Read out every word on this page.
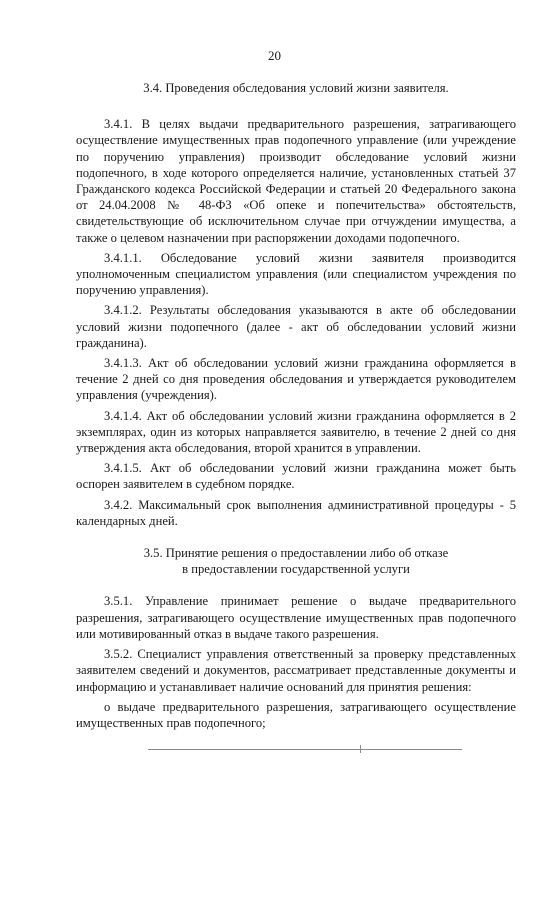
20
3.4. Проведения обследования условий жизни заявителя.

3.4.1. В целях выдачи предварительного разрешения, затрагивающего осуществление имущественных прав подопечного управление (или учреждение по поручению управления) производит обследование условий жизни подопечного, в ходе которого определяется наличие, установленных статьей 37 Гражданского кодекса Российской Федерации и статьей 20 Федерального закона от 24.04.2008 № 48-ФЗ «Об опеке и попечительства» обстоятельств, свидетельствующие об исключительном случае при отчуждении имущества, а также о целевом назначении при распоряжении доходами подопечного.

3.4.1.1. Обследование условий жизни заявителя производится уполномоченным специалистом управления (или специалистом учреждения по поручению управления).

3.4.1.2. Результаты обследования указываются в акте об обследовании условий жизни подопечного (далее - акт об обследовании условий жизни гражданина).

3.4.1.3. Акт об обследовании условий жизни гражданина оформляется в течение 2 дней со дня проведения обследования и утверждается руководителем управления (учреждения).

3.4.1.4. Акт об обследовании условий жизни гражданина оформляется в 2 экземплярах, один из которых направляется заявителю, в течение 2 дней со дня утверждения акта обследования, второй хранится в управлении.

3.4.1.5. Акт об обследовании условий жизни гражданина может быть оспорен заявителем в судебном порядке.

3.4.2. Максимальный срок выполнения административной процедуры - 5 календарных дней.

3.5. Принятие решения о предоставлении либо об отказе
в предоставлении государственной услуги

3.5.1. Управление принимает решение о выдаче предварительного разрешения, затрагивающего осуществление имущественных прав подопечного или мотивированный отказ в выдаче такого разрешения.

3.5.2. Специалист управления ответственный за проверку представленных заявителем сведений и документов, рассматривает представленные документы и информацию и устанавливает наличие оснований для принятия решения:

о выдаче предварительного разрешения, затрагивающего осуществление имущественных прав подопечного;
